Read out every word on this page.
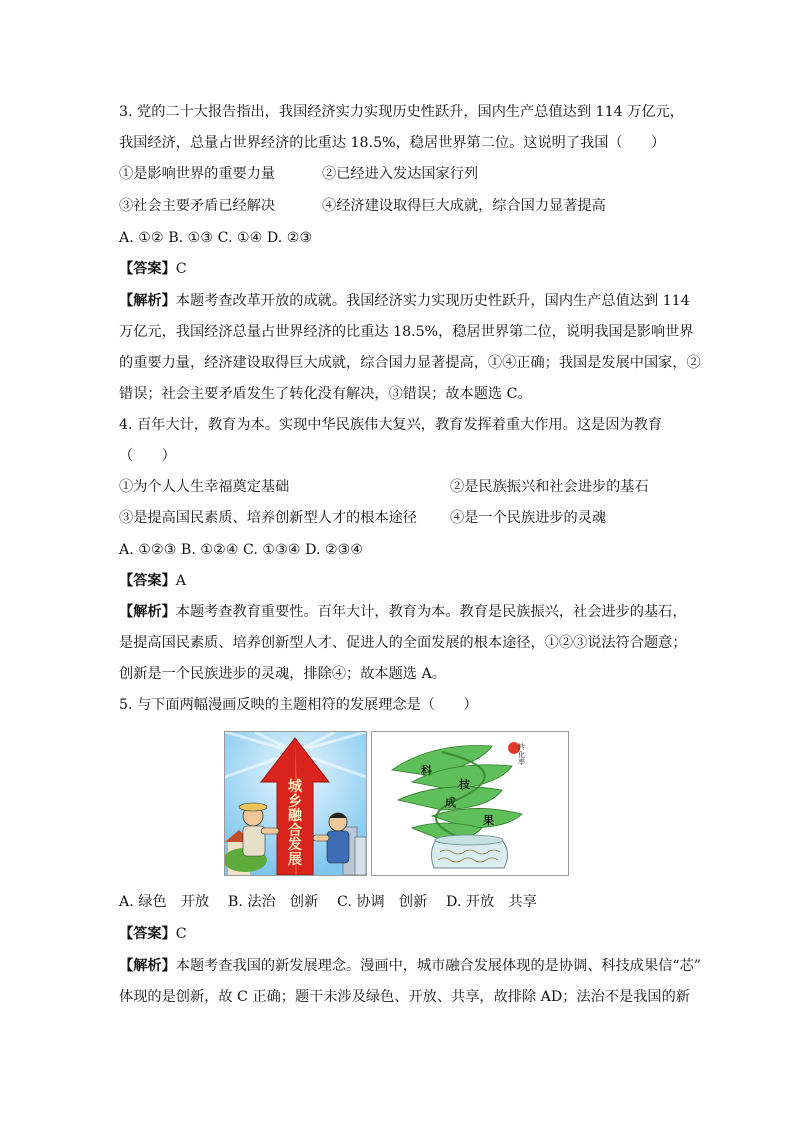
3. 党的二十大报告指出，我国经济实力实现历史性跃升，国内生产总值达到 114 万亿元，
我国经济，总量占世界经济的比重达 18.5%，稳居世界第二位。这说明了我国（　　）
①是影响世界的重要力量	②已经进入发达国家行列
③社会主要矛盾已经解决	④经济建设取得巨大成就，综合国力显著提高
A. ①② B. ①③ C. ①④ D. ②③
【答案】C
【解析】本题考查改革开放的成就。我国经济实力实现历史性跃升，国内生产总值达到 114
万亿元，我国经济总量占世界经济的比重达 18.5%，稳居世界第二位，说明我国是影响世界
的重要力量，经济建设取得巨大成就，综合国力显著提高，①④正确；我国是发展中国家，②
错误；社会主要矛盾发生了转化没有解决，③错误；故本题选 C。
4. 百年大计，教育为本。实现中华民族伟大复兴，教育发挥着重大作用。这是因为教育
（　　）
①为个人人生幸福奠定基础	②是民族振兴和社会进步的基石
③是提高国民素质、培养创新型人才的根本途径 ④是一个民族进步的灵魂
A. ①②③ B. ①②④ C. ①③④ D. ②③④
【答案】A
【解析】本题考查教育重要性。百年大计，教育为本。教育是民族振兴，社会进步的基石，
是提高国民素质、培养创新型人才、促进人的全面发展的根本途径，①②③说法符合题意；
创新是一个民族进步的灵魂，排除④；故本题选 A。
5. 与下面两幅漫画反映的主题相符的发展理念是（　　）
城乡融合发展
科
技
成
果
转化率
A. 绿色　开放　 B. 法治　创新　 C. 协调　创新　 D. 开放　共享
【答案】C
【解析】本题考查我国的新发展理念。漫画中，城市融合发展体现的是协调、科技成果信“芯”
体现的是创新，故 C 正确；题干未涉及绿色、开放、共享，故排除 AD；法治不是我国的新
